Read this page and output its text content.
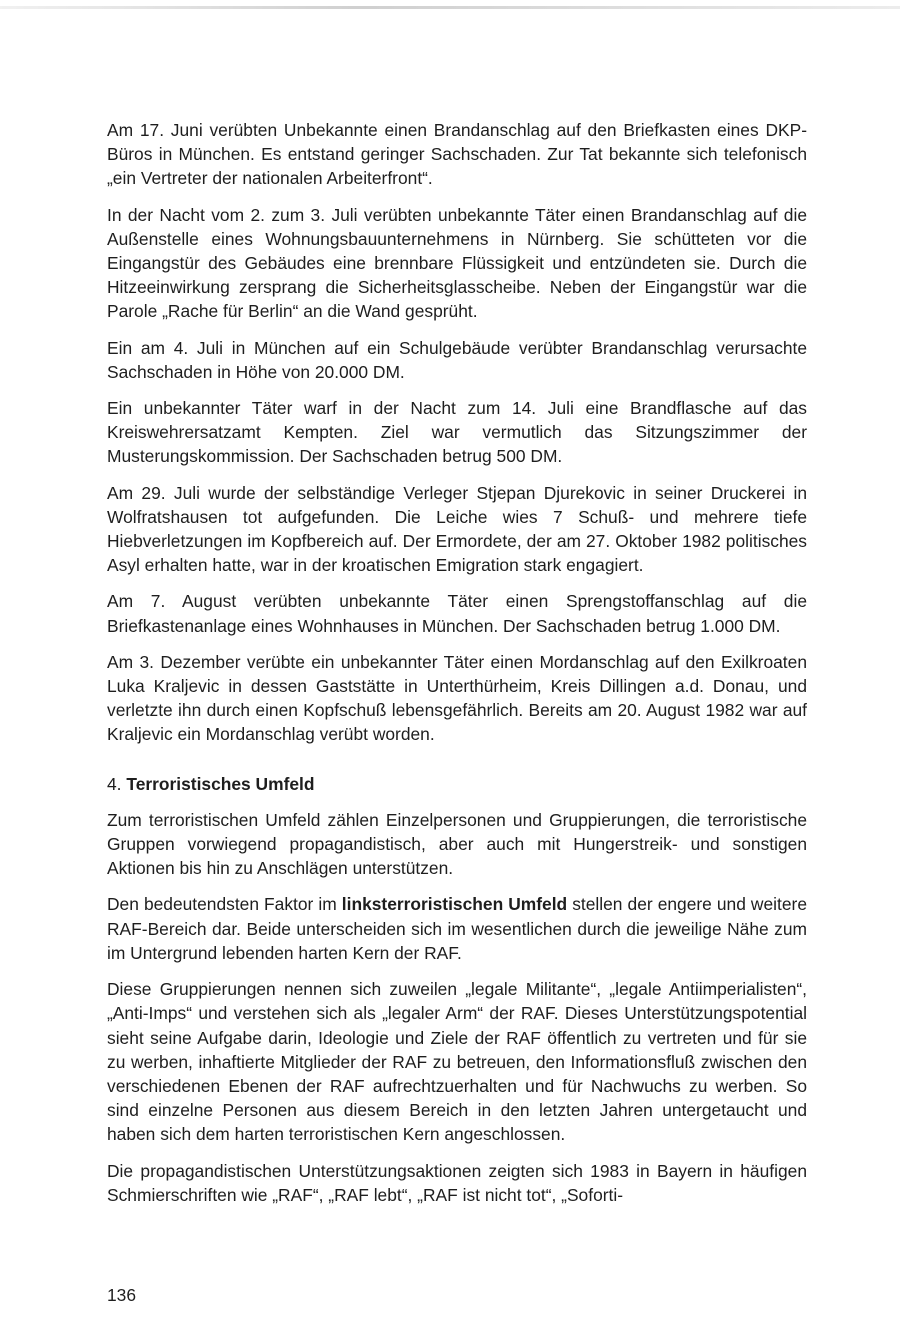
Am 17. Juni verübten Unbekannte einen Brandanschlag auf den Briefkasten eines DKP-Büros in München. Es entstand geringer Sachschaden. Zur Tat bekannte sich telefonisch „ein Vertreter der nationalen Arbeiterfront“.

In der Nacht vom 2. zum 3. Juli verübten unbekannte Täter einen Brandanschlag auf die Außenstelle eines Wohnungsbauunternehmens in Nürnberg. Sie schütteten vor die Eingangstür des Gebäudes eine brennbare Flüssigkeit und entzündeten sie. Durch die Hitzeeinwirkung zersprang die Sicherheitsglasscheibe. Neben der Eingangstür war die Parole „Rache für Berlin“ an die Wand gesprüht.

Ein am 4. Juli in München auf ein Schulgebäude verübter Brandanschlag verursachte Sachschaden in Höhe von 20.000 DM.

Ein unbekannter Täter warf in der Nacht zum 14. Juli eine Brandflasche auf das Kreiswehrersatzamt Kempten. Ziel war vermutlich das Sitzungszimmer der Musterungskommission. Der Sachschaden betrug 500 DM.

Am 29. Juli wurde der selbständige Verleger Stjepan Djurekovic in seiner Druckerei in Wolfratshausen tot aufgefunden. Die Leiche wies 7 Schuß- und mehrere tiefe Hiebverletzungen im Kopfbereich auf. Der Ermordete, der am 27. Oktober 1982 politisches Asyl erhalten hatte, war in der kroatischen Emigration stark engagiert.

Am 7. August verübten unbekannte Täter einen Sprengstoffanschlag auf die Briefkastenanlage eines Wohnhauses in München. Der Sachschaden betrug 1.000 DM.

Am 3. Dezember verübte ein unbekannter Täter einen Mordanschlag auf den Exilkroaten Luka Kraljevic in dessen Gaststätte in Unterthürheim, Kreis Dillingen a.d. Donau, und verletzte ihn durch einen Kopfschuß lebensgefährlich. Bereits am 20. August 1982 war auf Kraljevic ein Mordanschlag verübt worden.

4. Terroristisches Umfeld

Zum terroristischen Umfeld zählen Einzelpersonen und Gruppierungen, die terroristische Gruppen vorwiegend propagandistisch, aber auch mit Hungerstreik- und sonstigen Aktionen bis hin zu Anschlägen unterstützen.

Den bedeutendsten Faktor im linksterroristischen Umfeld stellen der engere und weitere RAF-Bereich dar. Beide unterscheiden sich im wesentlichen durch die jeweilige Nähe zum im Untergrund lebenden harten Kern der RAF.

Diese Gruppierungen nennen sich zuweilen „legale Militante“, „legale Antiimperialisten“, „Anti-Imps“ und verstehen sich als „legaler Arm“ der RAF. Dieses Unterstützungspotential sieht seine Aufgabe darin, Ideologie und Ziele der RAF öffentlich zu vertreten und für sie zu werben, inhaftierte Mitglieder der RAF zu betreuen, den Informationsfluß zwischen den verschiedenen Ebenen der RAF aufrechtzuerhalten und für Nachwuchs zu werben. So sind einzelne Personen aus diesem Bereich in den letzten Jahren untergetaucht und haben sich dem harten terroristischen Kern angeschlossen.

Die propagandistischen Unterstützungsaktionen zeigten sich 1983 in Bayern in häufigen Schmierschriften wie „RAF“, „RAF lebt“, „RAF ist nicht tot“, „Soforti-

136
